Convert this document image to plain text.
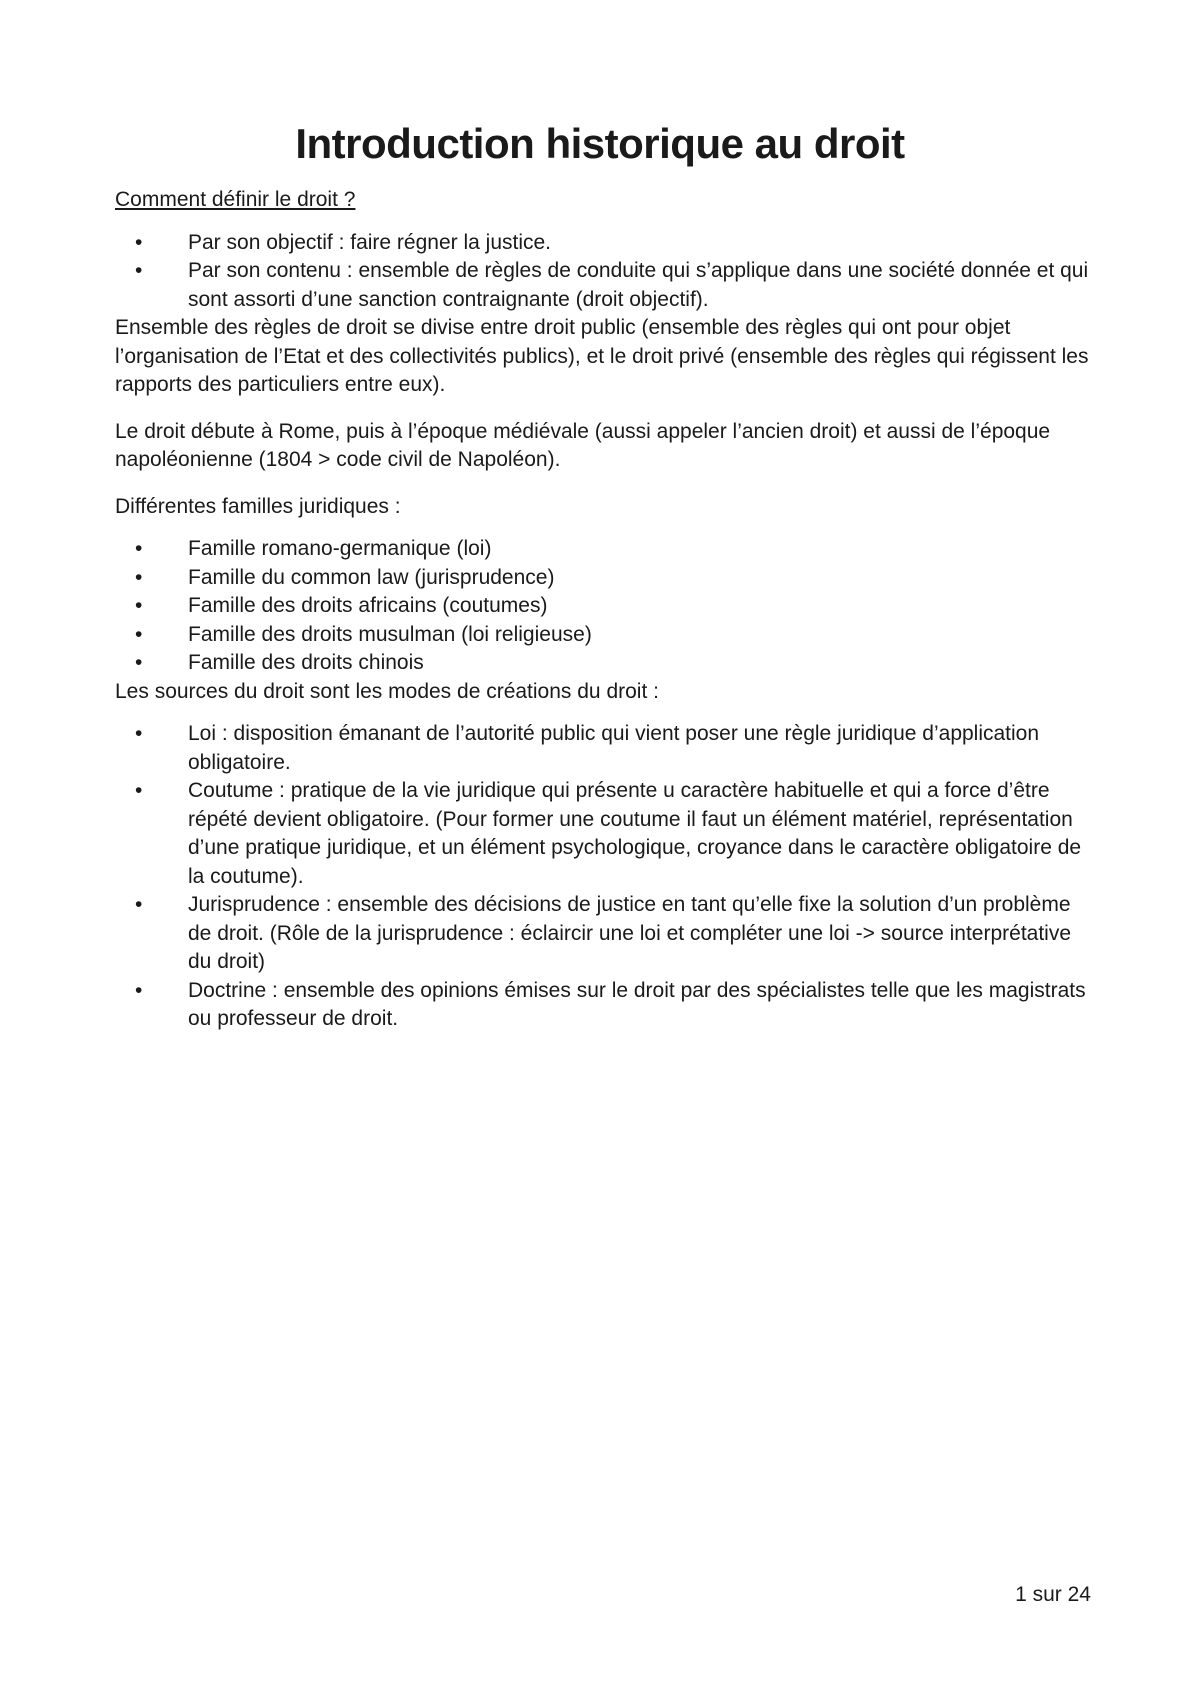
Introduction historique au droit

Comment définir le droit ?

• Par son objectif : faire régner la justice.
• Par son contenu : ensemble de règles de conduite qui s’applique dans une société donnée et qui sont assorti d’une sanction contraignante (droit objectif).

Ensemble des règles de droit se divise entre droit public (ensemble des règles qui ont pour objet l’organisation de l’Etat et des collectivités publics), et le droit privé (ensemble des règles qui régissent les rapports des particuliers entre eux).

Le droit débute à Rome, puis à l’époque médiévale (aussi appeler l’ancien droit) et aussi de l’époque napoléonienne (1804 > code civil de Napoléon).

Différentes familles juridiques :

• Famille romano-germanique (loi)
• Famille du common law (jurisprudence)
• Famille des droits africains (coutumes)
• Famille des droits musulman (loi religieuse)
• Famille des droits chinois

Les sources du droit sont les modes de créations du droit :

• Loi : disposition émanant de l’autorité public qui vient poser une règle juridique d’application obligatoire.
• Coutume : pratique de la vie juridique qui présente u caractère habituelle et qui a force d’être répété devient obligatoire. (Pour former une coutume il faut un élément matériel, représentation d’une pratique juridique, et un élément psychologique, croyance dans le caractère obligatoire de la coutume).
• Jurisprudence : ensemble des décisions de justice en tant qu’elle fixe la solution d’un problème de droit. (Rôle de la jurisprudence : éclaircir une loi et compléter une loi -> source interprétative du droit)
• Doctrine : ensemble des opinions émises sur le droit par des spécialistes telle que les magistrats ou professeur de droit.
1 sur 24
